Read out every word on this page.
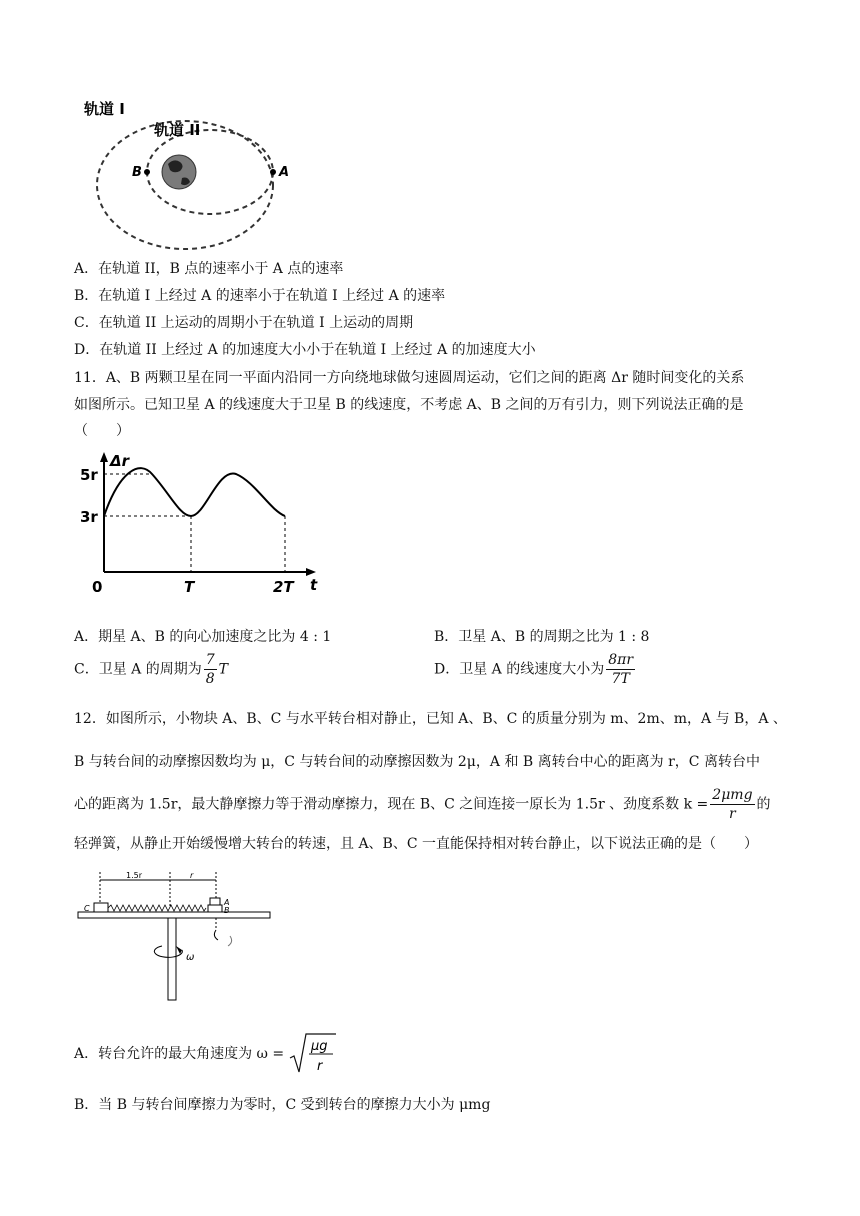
轨道 I
轨道 II
B	A
A．在轨道 II，B 点的速率小于 A 点的速率
B．在轨道 I 上经过 A 的速率小于在轨道 I 上经过 A 的速率
C．在轨道 II 上运动的周期小于在轨道 I 上运动的周期
D．在轨道 II 上经过 A 的加速度大小小于在轨道 I 上经过 A 的加速度大小
11．A、B 两颗卫星在同一平面内沿同一方向绕地球做匀速圆周运动，它们之间的距离 Δr 随时间变化的关系
如图所示。已知卫星 A 的线速度大于卫星 B 的线速度，不考虑 A、B 之间的万有引力，则下列说法正确的是
（　　）
Δr
t
5r
3r
0	T	2T
A．期星 A、B 的向心加速度之比为 4 : 1	B．卫星 A、B 的周期之比为 1 : 8
C．卫星 A 的周期为 $\frac{7}{8}$ T	D．卫星 A 的线速度大小为 $\frac{8\pi r}{7T}$
12．如图所示，小物块 A、B、C 与水平转台相对静止，已知 A、B、C 的质量分别为 m、2m、m，A 与 B，A 、
B 与转台间的动摩擦因数均为 μ，C 与转台间的动摩擦因数为 2μ，A 和 B 离转台中心的距离为 r，C 离转台中
心的距离为 1.5r，最大静摩擦力等于滑动摩擦力，现在 B、C 之间连接一原长为 1.5r 、劲度系数 $k = \frac{\text{2μmg}}{r}$ 的
轻弹簧，从静止开始缓慢增大转台的转速，且 A、B、C 一直能保持相对转台静止，以下说法正确的是（　　）
1.5r	r
C
A
B
ω
A．转台允许的最大角速度为 ω = μg
r
B．当 B 与转台间摩擦力为零时，C 受到转台的摩擦力大小为 μmg
